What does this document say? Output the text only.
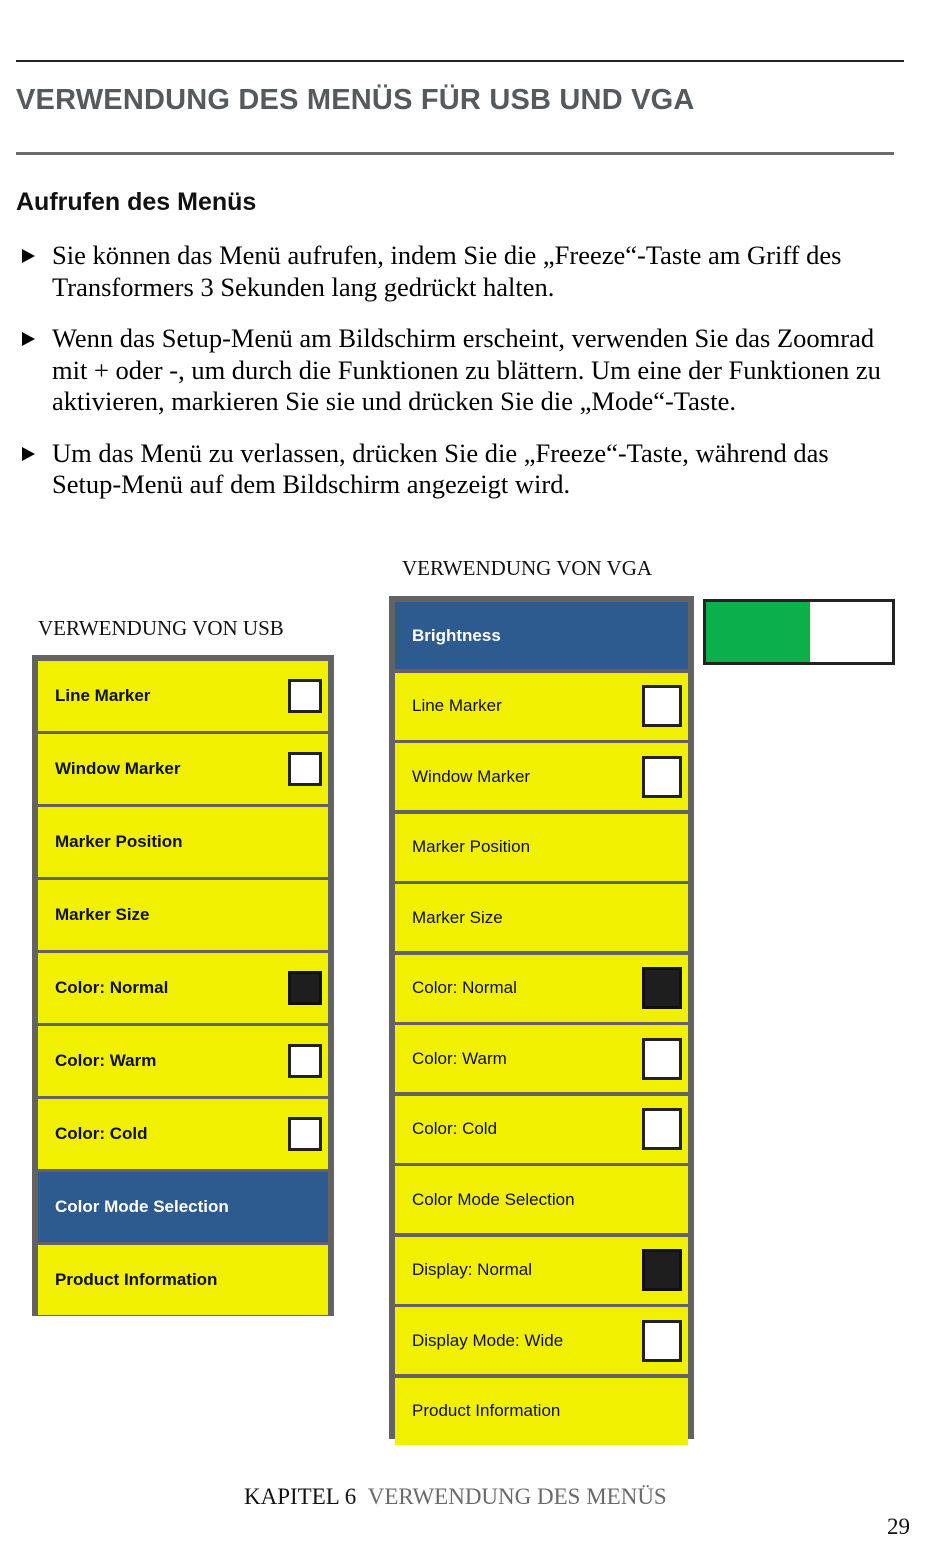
VERWENDUNG DES MENÜS FÜR USB UND VGA
Aufrufen des Menüs
Sie können das Menü aufrufen, indem Sie die „Freeze“-Taste am Griff des Transformers 3 Sekunden lang gedrückt halten.
Wenn das Setup-Menü am Bildschirm erscheint, verwenden Sie das Zoomrad mit + oder -, um durch die Funktionen zu blättern. Um eine der Funktionen zu aktivieren, markieren Sie sie und drücken Sie die „Mode“-Taste.
Um das Menü zu verlassen, drücken Sie die „Freeze“-Taste, während das Setup-Menü auf dem Bildschirm angezeigt wird.
VERWENDUNG VON VGA
VERWENDUNG VON USB
Line Marker
Window Marker
Marker Position
Marker Size
Color: Normal
Color: Warm
Color: Cold
Color Mode Selection
Product Information
Brightness
Line Marker
Window Marker
Marker Position
Marker Size
Color: Normal
Color: Warm
Color: Cold
Color Mode Selection
Display: Normal
Display Mode: Wide
Product Information
KAPITEL 6 VERWENDUNG DES MENÜS
29
